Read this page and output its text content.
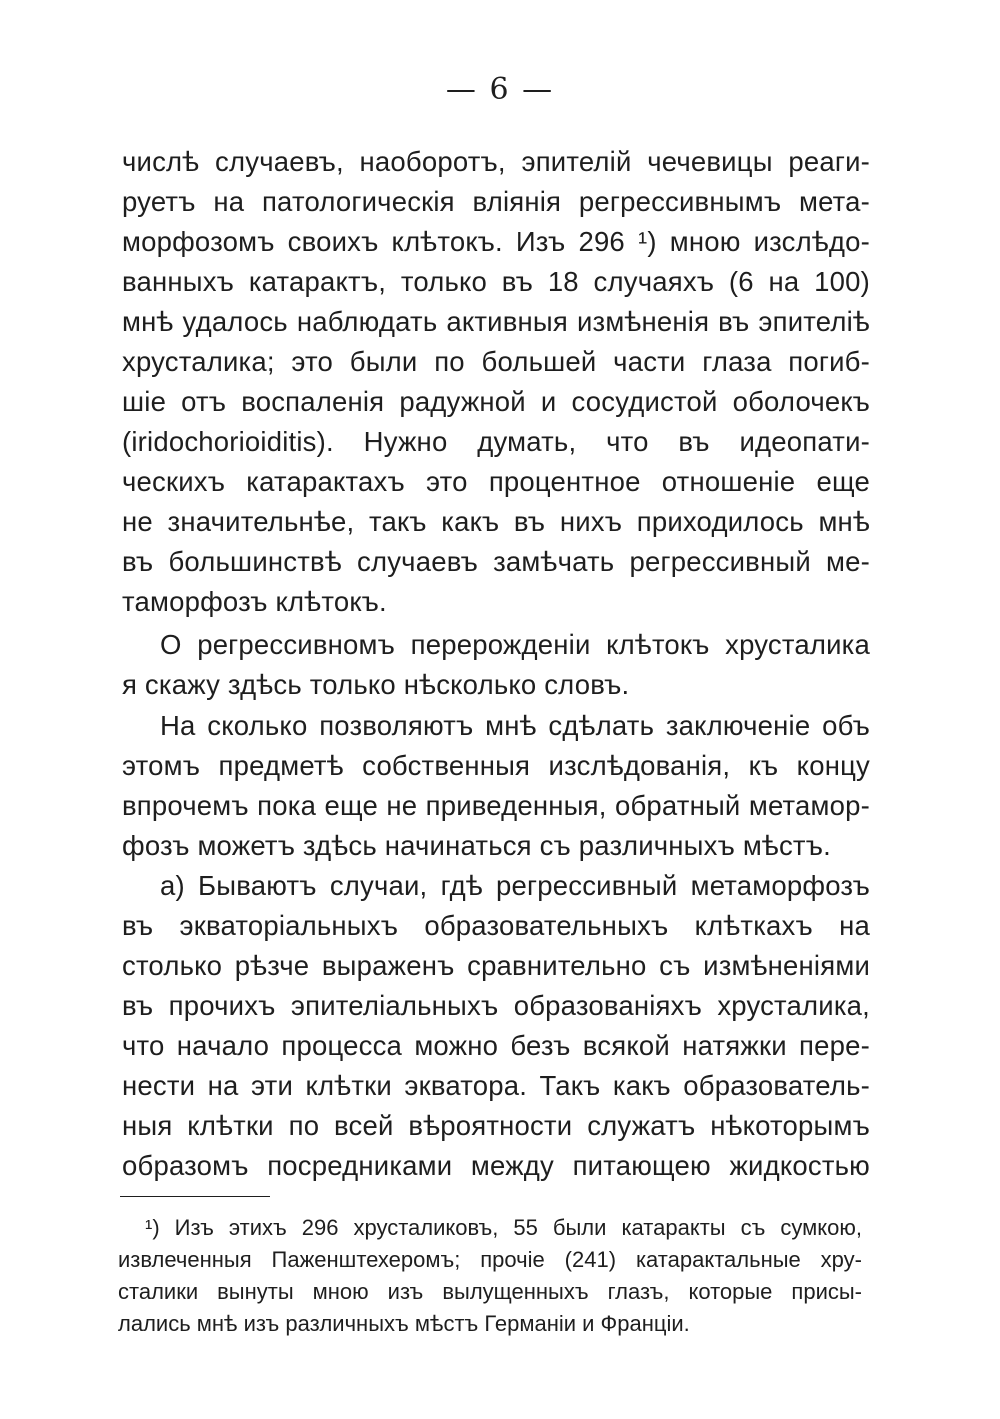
— 6 —
числѣ случаевъ, наоборотъ, эпителій чечевицы реаги-
руетъ на патологическія вліянія регрессивнымъ мета-
морфозомъ своихъ клѣтокъ. Изъ 296 ¹) мною изслѣдо-
ванныхъ катарактъ, только въ 18 случаяхъ (6 на 100)
мнѣ удалось наблюдать активныя измѣненія въ эпителіѣ
хрусталика; это были по большей части глаза погиб-
шіе отъ воспаленія радужной и сосудистой оболочекъ
(iridochorioiditis). Нужно думать, что въ идеопати-
ческихъ катарактахъ это процентное отношеніе еще
не значительнѣе, такъ какъ въ нихъ приходилось мнѣ
въ большинствѣ случаевъ замѣчать регрессивный ме-
таморфозъ клѣтокъ.
О регрессивномъ перерожденіи клѣтокъ хрусталика
я скажу здѣсь только нѣсколько словъ.
На сколько позволяютъ мнѣ сдѣлать заключеніе объ
этомъ предметѣ собственныя изслѣдованія, къ концу
впрочемъ пока еще не приведенныя, обратный метамор-
фозъ можетъ здѣсь начинаться съ различныхъ мѣстъ.
a) Бываютъ случаи, гдѣ регрессивный метаморфозъ
въ экваторіальныхъ образовательныхъ клѣткахъ на
столько рѣзче выраженъ сравнительно съ измѣненіями
въ прочихъ эпителіальныхъ образованіяхъ хрусталика,
что начало процесса можно безъ всякой натяжки пере-
нести на эти клѣтки экватора. Такъ какъ образователь-
ныя клѣтки по всей вѣроятности служатъ нѣкоторымъ
образомъ посредниками между питающею жидкостью
¹) Изъ этихъ 296 хрусталиковъ, 55 были катаракты съ сумкою,
извлеченныя Паженштехеромъ; прочіе (241) катарактальные хру-
сталики вынуты мною изъ вылущенныхъ глазъ, которые присы-
лались мнѣ изъ различныхъ мѣстъ Германіи и Франціи.
